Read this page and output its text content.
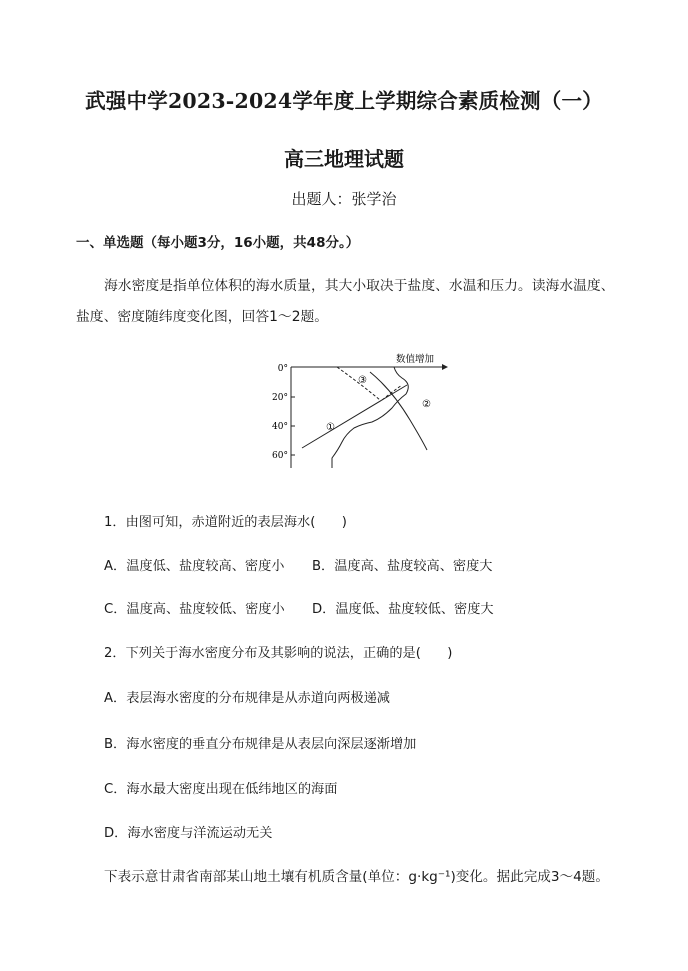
武强中学2023-2024学年度上学期综合素质检测（一）
高三地理试题
出题人：张学治
一、单选题（每小题3分，16小题，共48分。）
海水密度是指单位体积的海水质量，其大小取决于盐度、水温和压力。读海水温度、
盐度、密度随纬度变化图，回答1～2题。
0°
20°
40°
60°
数值增加
①
②
③
1．由图可知，赤道附近的表层海水(　　)
A．温度低、盐度较高、密度小 B．温度高、盐度较高、密度大
C．温度高、盐度较低、密度小 D．温度低、盐度较低、密度大
2．下列关于海水密度分布及其影响的说法，正确的是(　　)
A．表层海水密度的分布规律是从赤道向两极递减
B．海水密度的垂直分布规律是从表层向深层逐渐增加
C．海水最大密度出现在低纬地区的海面
D．海水密度与洋流运动无关
下表示意甘肃省南部某山地土壤有机质含量(单位：g·kg⁻¹)变化。据此完成3～4题。
